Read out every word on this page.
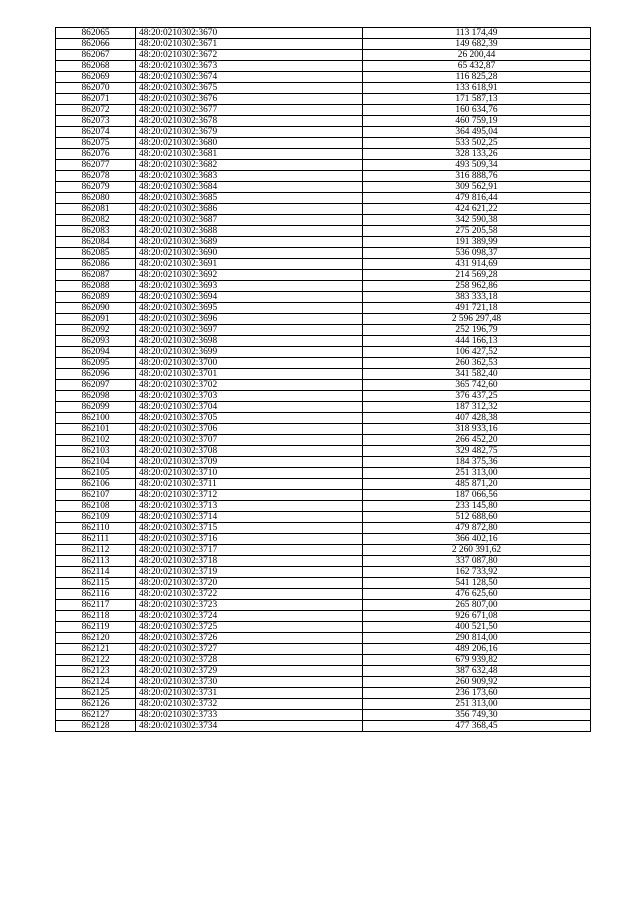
862065	48:20:0210302:3670	113 174,49
862066	48:20:0210302:3671	149 682,39
862067	48:20:0210302:3672	26 200,44
862068	48:20:0210302:3673	65 432,87
862069	48:20:0210302:3674	116 825,28
862070	48:20:0210302:3675	133 618,91
862071	48:20:0210302:3676	171 587,13
862072	48:20:0210302:3677	160 634,76
862073	48:20:0210302:3678	460 759,19
862074	48:20:0210302:3679	364 495,04
862075	48:20:0210302:3680	533 502,25
862076	48:20:0210302:3681	328 133,26
862077	48:20:0210302:3682	493 509,34
862078	48:20:0210302:3683	316 888,76
862079	48:20:0210302:3684	309 562,91
862080	48:20:0210302:3685	479 816,44
862081	48:20:0210302:3686	424 621,22
862082	48:20:0210302:3687	342 590,38
862083	48:20:0210302:3688	275 205,58
862084	48:20:0210302:3689	191 389,99
862085	48:20:0210302:3690	536 098,37
862086	48:20:0210302:3691	431 914,69
862087	48:20:0210302:3692	214 569,28
862088	48:20:0210302:3693	258 962,86
862089	48:20:0210302:3694	383 333,18
862090	48:20:0210302:3695	491 721,18
862091	48:20:0210302:3696	2 596 297,48
862092	48:20:0210302:3697	252 196,79
862093	48:20:0210302:3698	444 166,13
862094	48:20:0210302:3699	106 427,52
862095	48:20:0210302:3700	260 362,53
862096	48:20:0210302:3701	341 582,40
862097	48:20:0210302:3702	365 742,60
862098	48:20:0210302:3703	376 437,25
862099	48:20:0210302:3704	187 312,32
862100	48:20:0210302:3705	407 428,38
862101	48:20:0210302:3706	318 933,16
862102	48:20:0210302:3707	266 452,20
862103	48:20:0210302:3708	329 482,75
862104	48:20:0210302:3709	184 375,36
862105	48:20:0210302:3710	251 313,00
862106	48:20:0210302:3711	485 871,20
862107	48:20:0210302:3712	187 066,56
862108	48:20:0210302:3713	233 145,80
862109	48:20:0210302:3714	512 688,60
862110	48:20:0210302:3715	479 872,80
862111	48:20:0210302:3716	366 402,16
862112	48:20:0210302:3717	2 260 391,62
862113	48:20:0210302:3718	337 087,80
862114	48:20:0210302:3719	162 733,92
862115	48:20:0210302:3720	541 128,50
862116	48:20:0210302:3722	476 625,60
862117	48:20:0210302:3723	265 807,00
862118	48:20:0210302:3724	926 671,08
862119	48:20:0210302:3725	400 521,50
862120	48:20:0210302:3726	290 814,00
862121	48:20:0210302:3727	489 206,16
862122	48:20:0210302:3728	679 939,82
862123	48:20:0210302:3729	387 632,48
862124	48:20:0210302:3730	260 909,92
862125	48:20:0210302:3731	236 173,60
862126	48:20:0210302:3732	251 313,00
862127	48:20:0210302:3733	356 749,30
862128	48:20:0210302:3734	477 368,45
